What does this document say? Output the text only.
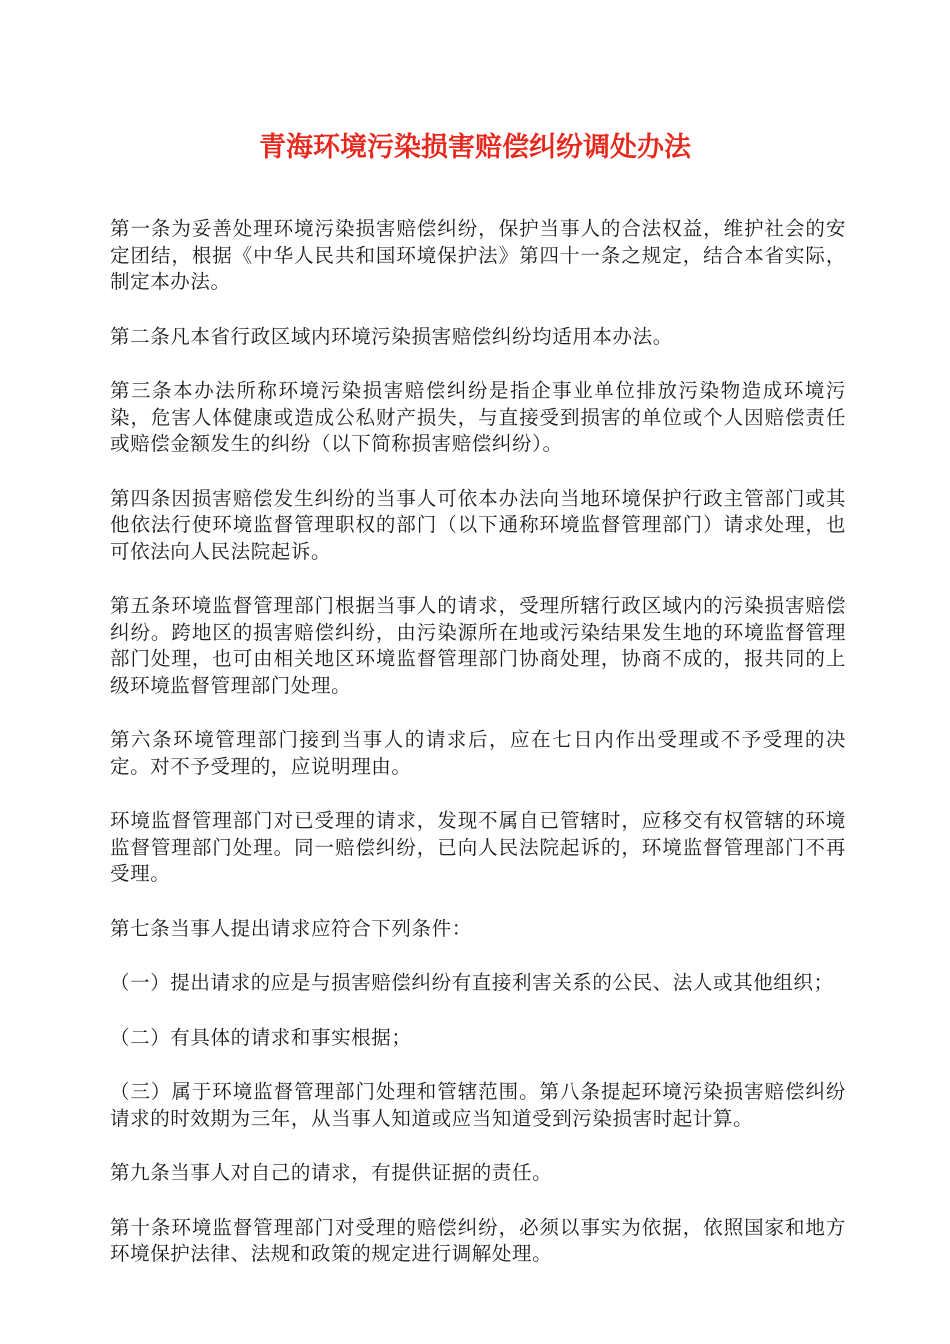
青海环境污染损害赔偿纠纷调处办法

第一条为妥善处理环境污染损害赔偿纠纷，保护当事人的合法权益，维护社会的安定团结，根据《中华人民共和国环境保护法》第四十一条之规定，结合本省实际，制定本办法。

第二条凡本省行政区域内环境污染损害赔偿纠纷均适用本办法。

第三条本办法所称环境污染损害赔偿纠纷是指企事业单位排放污染物造成环境污染，危害人体健康或造成公私财产损失，与直接受到损害的单位或个人因赔偿责任或赔偿金额发生的纠纷（以下简称损害赔偿纠纷）。

第四条因损害赔偿发生纠纷的当事人可依本办法向当地环境保护行政主管部门或其他依法行使环境监督管理职权的部门（以下通称环境监督管理部门）请求处理，也可依法向人民法院起诉。

第五条环境监督管理部门根据当事人的请求，受理所辖行政区域内的污染损害赔偿纠纷。跨地区的损害赔偿纠纷，由污染源所在地或污染结果发生地的环境监督管理部门处理，也可由相关地区环境监督管理部门协商处理，协商不成的，报共同的上级环境监督管理部门处理。

第六条环境管理部门接到当事人的请求后，应在七日内作出受理或不予受理的决定。对不予受理的，应说明理由。

环境监督管理部门对已受理的请求，发现不属自已管辖时，应移交有权管辖的环境监督管理部门处理。同一赔偿纠纷，已向人民法院起诉的，环境监督管理部门不再受理。

第七条当事人提出请求应符合下列条件：

（一）提出请求的应是与损害赔偿纠纷有直接利害关系的公民、法人或其他组织；

（二）有具体的请求和事实根据；

（三）属于环境监督管理部门处理和管辖范围。第八条提起环境污染损害赔偿纠纷请求的时效期为三年，从当事人知道或应当知道受到污染损害时起计算。

第九条当事人对自己的请求，有提供证据的责任。

第十条环境监督管理部门对受理的赔偿纠纷，必须以事实为依据，依照国家和地方环境保护法律、法规和政策的规定进行调解处理。
